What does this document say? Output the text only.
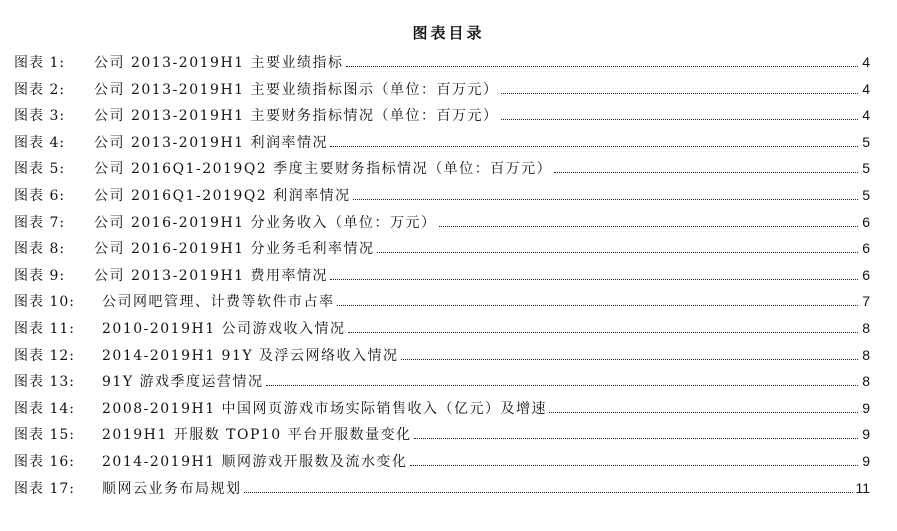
图表目录
图表 1:	公司 2013-2019H1 主要业绩指标	4
图表 2:	公司 2013-2019H1 主要业绩指标图示（单位：百万元）	4
图表 3:	公司 2013-2019H1 主要财务指标情况（单位：百万元）	4
图表 4:	公司 2013-2019H1 利润率情况	5
图表 5:	公司 2016Q1-2019Q2 季度主要财务指标情况（单位：百万元）	5
图表 6:	公司 2016Q1-2019Q2 利润率情况	5
图表 7:	公司 2016-2019H1 分业务收入（单位：万元）	6
图表 8:	公司 2016-2019H1 分业务毛利率情况	6
图表 9:	公司 2013-2019H1 费用率情况	6
图表 10:	公司网吧管理、计费等软件市占率	7
图表 11:	2010-2019H1 公司游戏收入情况	8
图表 12:	2014-2019H1 91Y 及浮云网络收入情况	8
图表 13:	91Y 游戏季度运营情况	8
图表 14:	2008-2019H1 中国网页游戏市场实际销售收入（亿元）及增速	9
图表 15:	2019H1 开服数 TOP10 平台开服数量变化	9
图表 16:	2014-2019H1 顺网游戏开服数及流水变化	9
图表 17:	顺网云业务布局规划	11
